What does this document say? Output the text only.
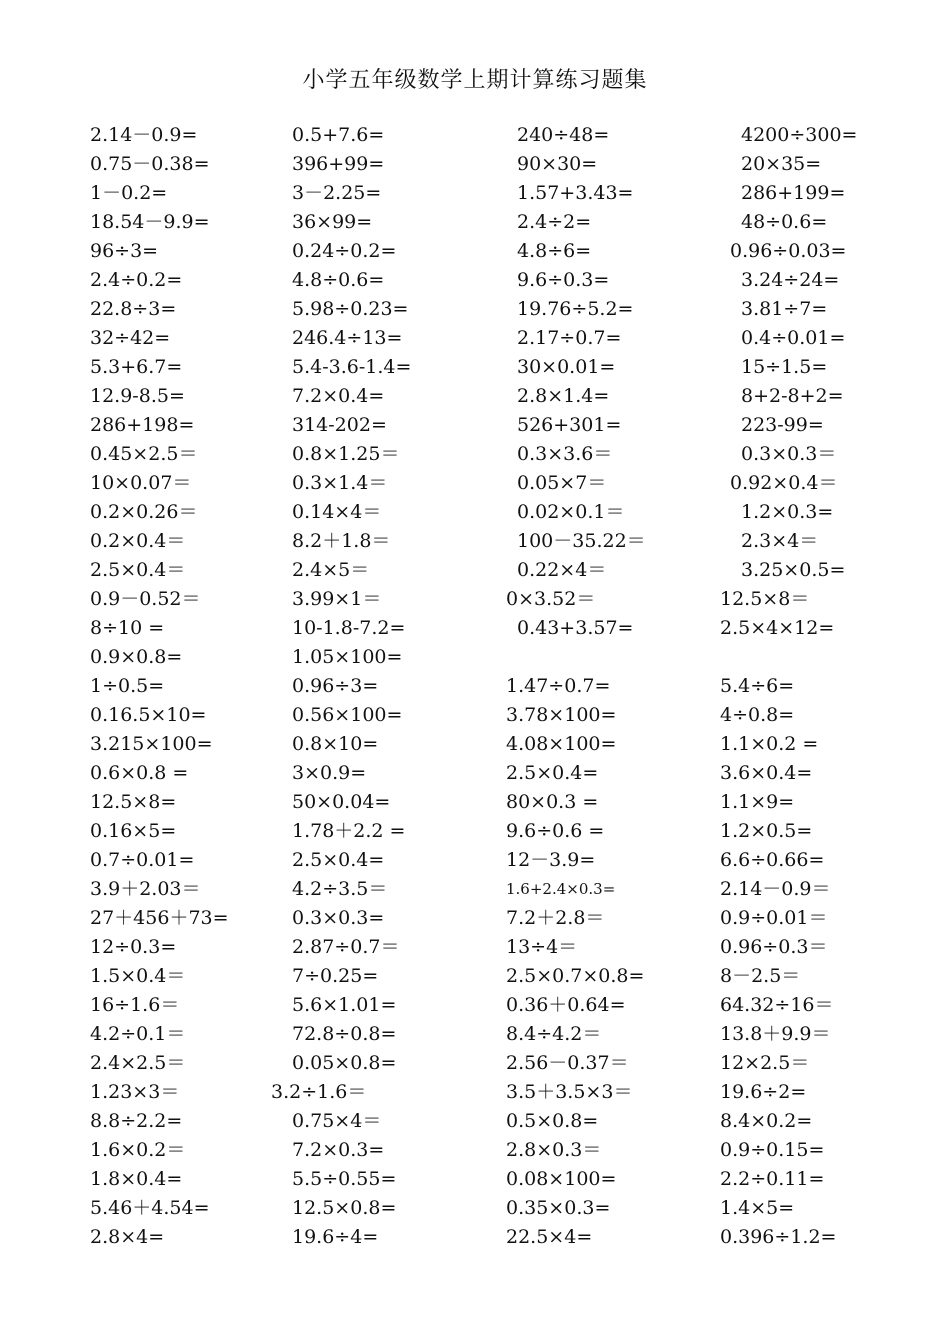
小学五年级数学上期计算练习题集
2.14－0.9=
0.75－0.38=
1－0.2=
18.54－9.9=
96÷3=
2.4÷0.2=
22.8÷3=
32÷42=
5.3+6.7=
12.9-8.5=
286+198=
0.45×2.5＝
10×0.07＝
0.2×0.26＝
0.2×0.4＝
2.5×0.4＝
0.9－0.52＝
8÷10 =
0.9×0.8=
1÷0.5=
0.16.5×10=
3.215×100=
0.6×0.8 =
12.5×8=
0.16×5=
0.7÷0.01=
3.9＋2.03＝
27＋456＋73=
12÷0.3=
1.5×0.4＝
16÷1.6＝
4.2÷0.1＝
2.4×2.5＝
1.23×3＝
8.8÷2.2=
1.6×0.2＝
1.8×0.4=
5.46＋4.54=
2.8×4=
0.5+7.6=
396+99=
3－2.25=
36×99=
0.24÷0.2=
4.8÷0.6=
5.98÷0.23=
246.4÷13=
5.4-3.6-1.4=
7.2×0.4=
314-202=
0.8×1.25＝
0.3×1.4＝
0.14×4＝
8.2＋1.8＝
2.4×5＝
3.99×1＝
10-1.8-7.2=
1.05×100=
0.96÷3=
0.56×100=
0.8×10=
3×0.9=
50×0.04=
1.78＋2.2 =
2.5×0.4=
4.2÷3.5＝
0.3×0.3=
2.87÷0.7＝
7÷0.25=
5.6×1.01=
72.8÷0.8=
0.05×0.8=
3.2÷1.6＝
0.75×4＝
7.2×0.3=
5.5÷0.55=
12.5×0.8=
19.6÷4=
240÷48=
90×30=
1.57+3.43=
2.4÷2=
4.8÷6=
9.6÷0.3=
19.76÷5.2=
2.17÷0.7=
30×0.01=
2.8×1.4=
526+301=
0.3×3.6＝
0.05×7＝
0.02×0.1＝
100－35.22＝
0.22×4＝
0×3.52＝
0.43+3.57=
1.47÷0.7=
3.78×100=
4.08×100=
2.5×0.4=
80×0.3 =
9.6÷0.6 =
12－3.9=
1.6+2.4×0.3=
7.2＋2.8＝
13÷4＝
2.5×0.7×0.8=
0.36＋0.64=
8.4÷4.2＝
2.56－0.37＝
3.5＋3.5×3＝
0.5×0.8=
2.8×0.3＝
0.08×100=
0.35×0.3=
22.5×4=
4200÷300=
20×35=
286+199=
48÷0.6=
0.96÷0.03=
3.24÷24=
3.81÷7=
0.4÷0.01=
15÷1.5=
8+2-8+2=
223-99=
0.3×0.3＝
0.92×0.4＝
1.2×0.3=
2.3×4＝
3.25×0.5=
12.5×8＝
2.5×4×12=
5.4÷6=
4÷0.8=
1.1×0.2 =
3.6×0.4=
1.1×9=
1.2×0.5=
6.6÷0.66=
2.14－0.9＝
0.9÷0.01＝
0.96÷0.3＝
8－2.5＝
64.32÷16＝
13.8＋9.9＝
12×2.5＝
19.6÷2=
8.4×0.2=
0.9÷0.15=
2.2÷0.11=
1.4×5=
0.396÷1.2=
